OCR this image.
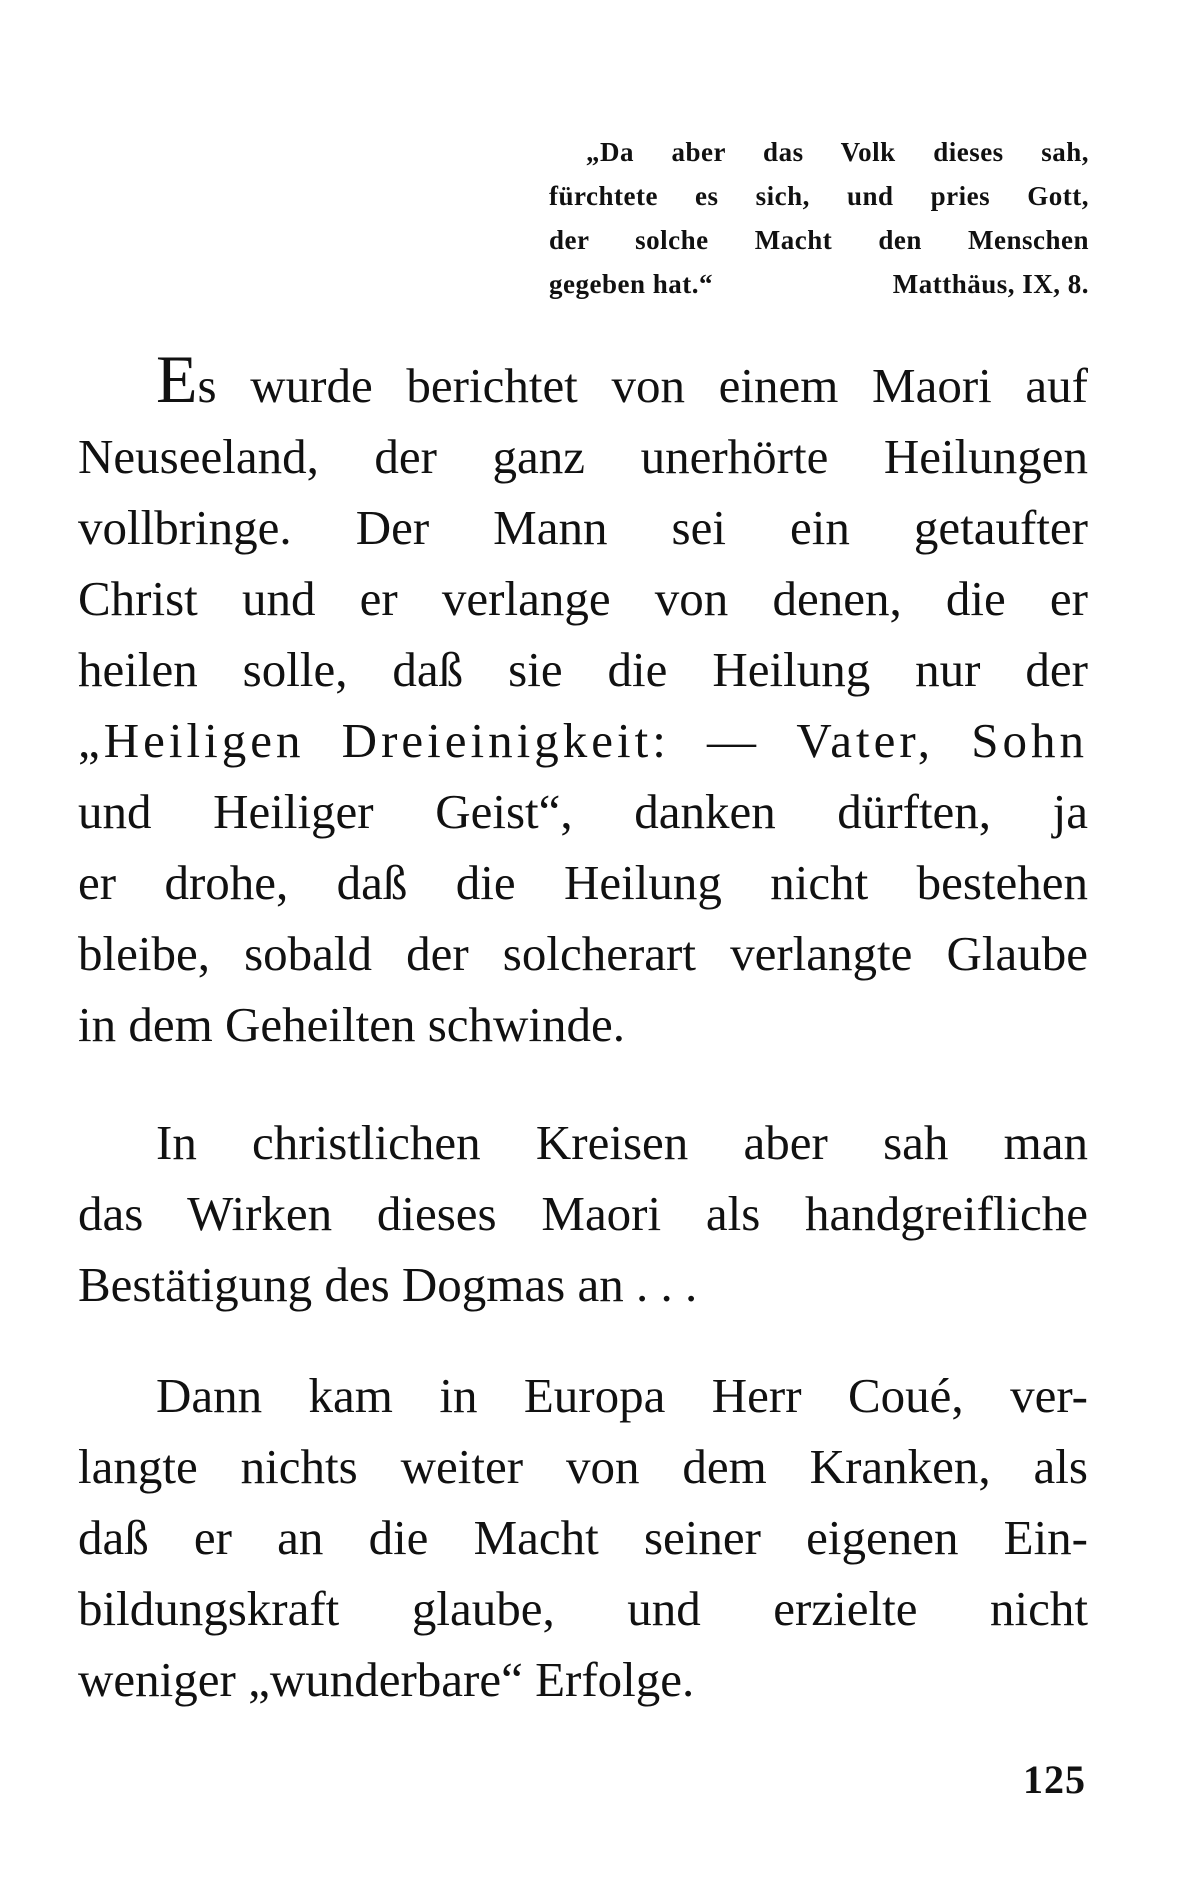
„Da aber das Volk dieses sah,
fürchtete es sich, und pries Gott,
der solche Macht den Menschen
gegeben hat.“	Matthäus, IX, 8.
Es wurde berichtet von einem Maori auf
Neuseeland, der ganz unerhörte Heilungen
vollbringe. Der Mann sei ein getaufter
Christ und er verlange von denen, die er
heilen solle, daß sie die Heilung nur der
„Heiligen Dreieinigkeit: — Vater, Sohn
und Heiliger Geist“, danken dürften, ja
er drohe, daß die Heilung nicht bestehen
bleibe, sobald der solcherart verlangte Glaube
in dem Geheilten schwinde.
In christlichen Kreisen aber sah man
das Wirken dieses Maori als handgreifliche
Bestätigung des Dogmas an . . .
Dann kam in Europa Herr Coué, ver-
langte nichts weiter von dem Kranken, als
daß er an die Macht seiner eigenen Ein-
bildungskraft glaube, und erzielte nicht
weniger „wunderbare“ Erfolge.
125
